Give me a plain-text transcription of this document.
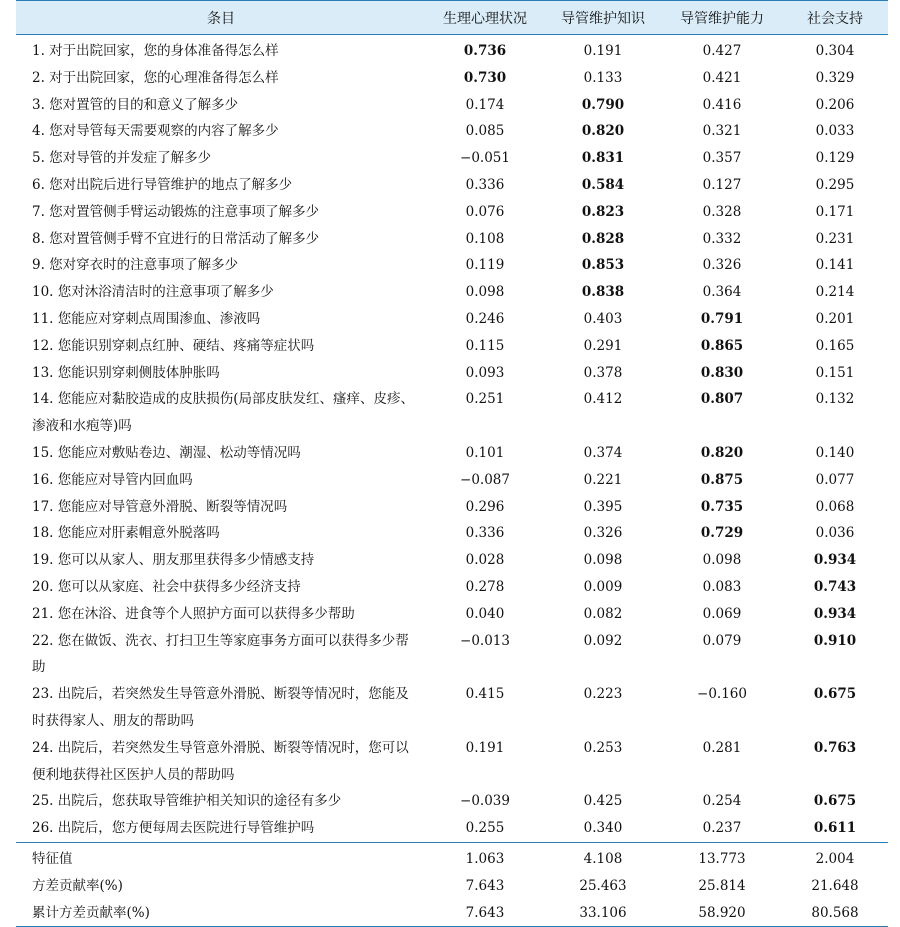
条目	生理心理状况	导管维护知识	导管维护能力	社会支持
1. 对于出院回家，您的身体准备得怎么样	0.736	0.191	0.427	0.304
2. 对于出院回家，您的心理准备得怎么样	0.730	0.133	0.421	0.329
3. 您对置管的目的和意义了解多少	0.174	0.790	0.416	0.206
4. 您对导管每天需要观察的内容了解多少	0.085	0.820	0.321	0.033
5. 您对导管的并发症了解多少	−0.051	0.831	0.357	0.129
6. 您对出院后进行导管维护的地点了解多少	0.336	0.584	0.127	0.295
7. 您对置管侧手臂运动锻炼的注意事项了解多少	0.076	0.823	0.328	0.171
8. 您对置管侧手臂不宜进行的日常活动了解多少	0.108	0.828	0.332	0.231
9. 您对穿衣时的注意事项了解多少	0.119	0.853	0.326	0.141
10. 您对沐浴清洁时的注意事项了解多少	0.098	0.838	0.364	0.214
11. 您能应对穿刺点周围渗血、渗液吗	0.246	0.403	0.791	0.201
12. 您能识别穿刺点红肿、硬结、疼痛等症状吗	0.115	0.291	0.865	0.165
13. 您能识别穿刺侧肢体肿胀吗	0.093	0.378	0.830	0.151
14. 您能应对黏胶造成的皮肤损伤(局部皮肤发红、瘙痒、皮疹、渗液和水疱等)吗	0.251	0.412	0.807	0.132
15. 您能应对敷贴卷边、潮湿、松动等情况吗	0.101	0.374	0.820	0.140
16. 您能应对导管内回血吗	−0.087	0.221	0.875	0.077
17. 您能应对导管意外滑脱、断裂等情况吗	0.296	0.395	0.735	0.068
18. 您能应对肝素帽意外脱落吗	0.336	0.326	0.729	0.036
19. 您可以从家人、朋友那里获得多少情感支持	0.028	0.098	0.098	0.934
20. 您可以从家庭、社会中获得多少经济支持	0.278	0.009	0.083	0.743
21. 您在沐浴、进食等个人照护方面可以获得多少帮助	0.040	0.082	0.069	0.934
22. 您在做饭、洗衣、打扫卫生等家庭事务方面可以获得多少帮助	−0.013	0.092	0.079	0.910
23. 出院后，若突然发生导管意外滑脱、断裂等情况时，您能及时获得家人、朋友的帮助吗	0.415	0.223	−0.160	0.675
24. 出院后，若突然发生导管意外滑脱、断裂等情况时，您可以便利地获得社区医护人员的帮助吗	0.191	0.253	0.281	0.763
25. 出院后，您获取导管维护相关知识的途径有多少	−0.039	0.425	0.254	0.675
26. 出院后，您方便每周去医院进行导管维护吗	0.255	0.340	0.237	0.611
特征值	1.063	4.108	13.773	2.004
方差贡献率(%)	7.643	25.463	25.814	21.648
累计方差贡献率(%)	7.643	33.106	58.920	80.568
